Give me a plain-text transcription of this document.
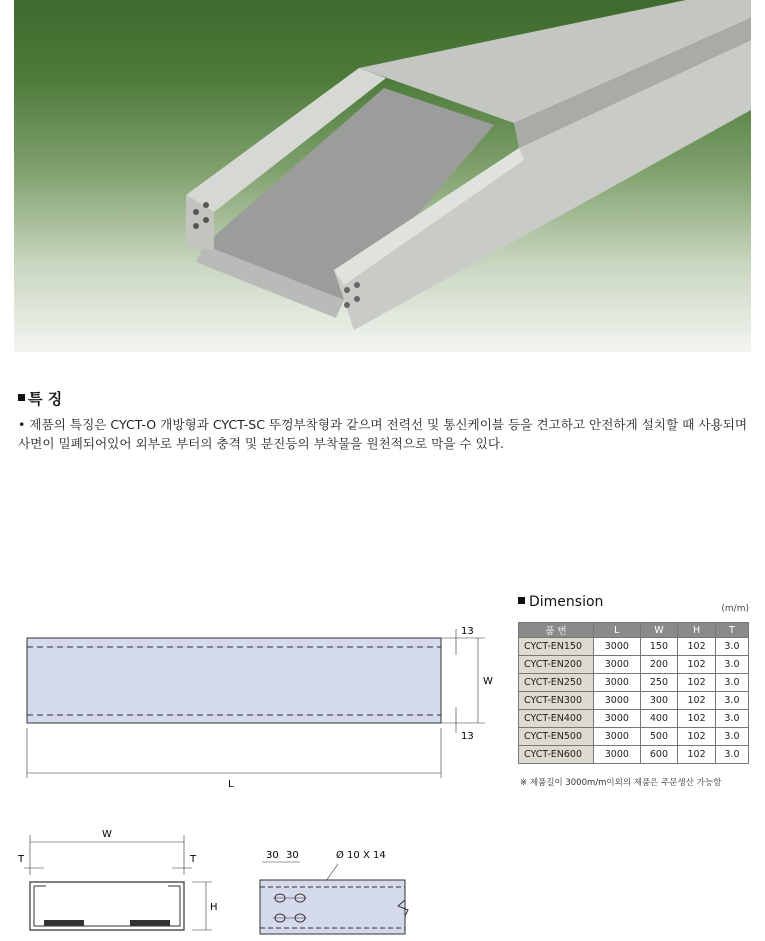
특 징
• 제품의 특징은 CYCT-O 개방형과 CYCT-SC 뚜껑부착형과 같으며 전력선 및 통신케이블 등을 견고하고 안전하게 설치할 때 사용되며 사면이 밀폐되어있어 외부로 부터의 충격 및 분진등의 부착물을 원천적으로 막을 수 있다.
13
13
W
L
Dimension	(m/m)
품 번	L	W	H	T
CYCT-EN150	3000	150	102	3.0
CYCT-EN200	3000	200	102	3.0
CYCT-EN250	3000	250	102	3.0
CYCT-EN300	3000	300	102	3.0
CYCT-EN400	3000	400	102	3.0
CYCT-EN500	3000	500	102	3.0
CYCT-EN600	3000	600	102	3.0
※ 제품길이 3000m/m이외의 제품은 주문생산 가능함
W
T	T
H
30 30	Ø 10 X 14
